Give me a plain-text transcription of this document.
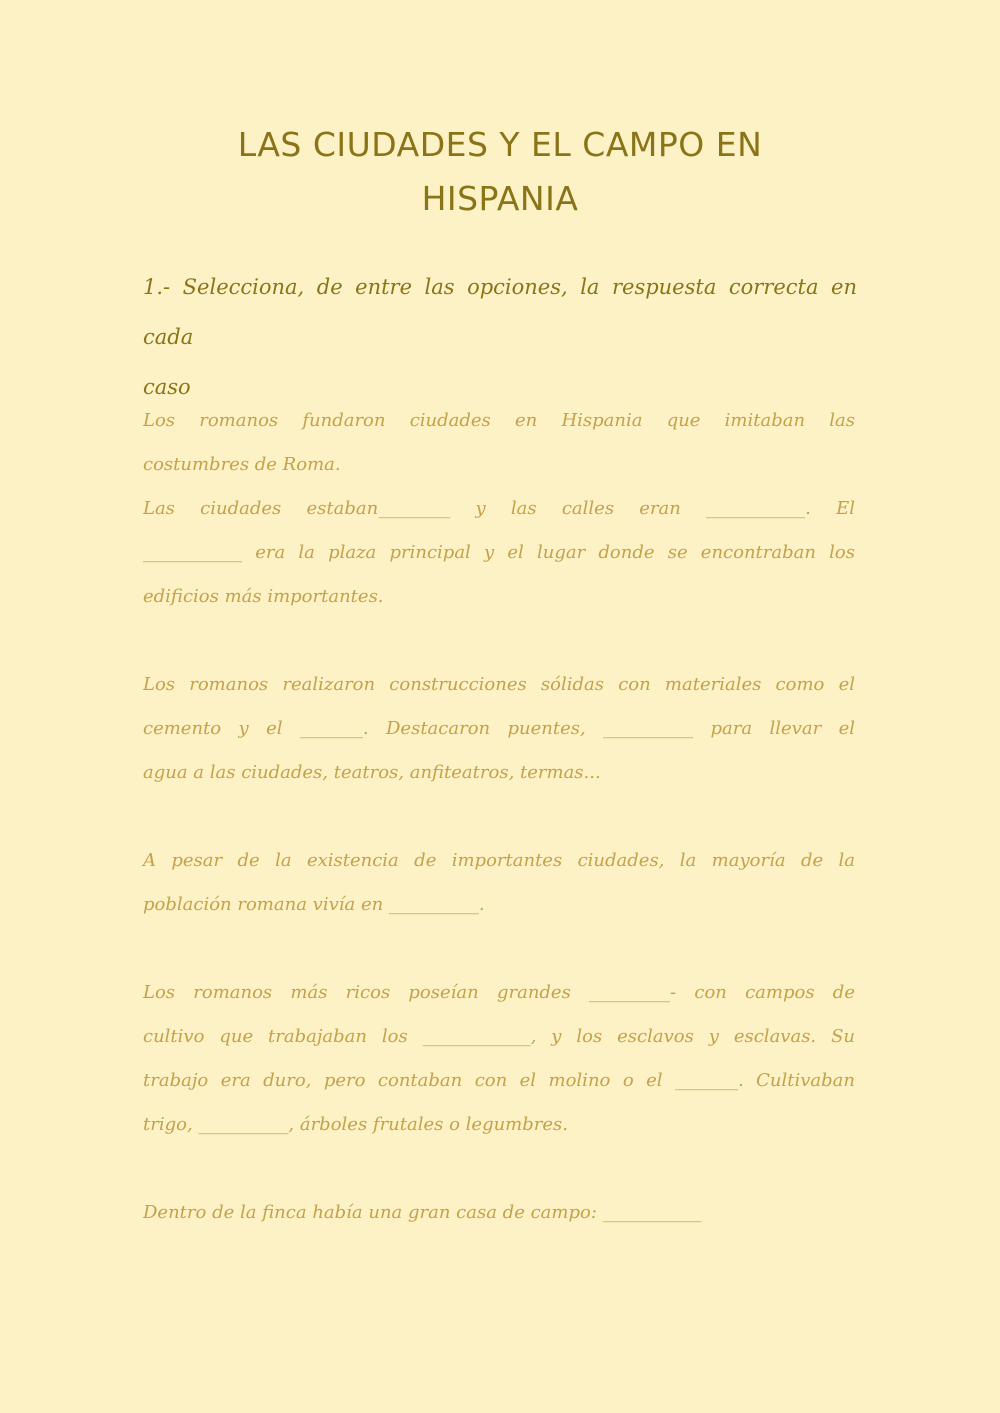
LAS CIUDADES Y EL CAMPO EN
HISPANIA
1.- Selecciona, de entre las opciones, la respuesta correcta en cada
caso
Los romanos fundaron ciudades en Hispania que imitaban las
costumbres de Roma.
Las ciudades estaban________ y las calles eran ___________. El
___________ era la plaza principal y el lugar donde se encontraban los
edificios más importantes.
Los romanos realizaron construcciones sólidas con materiales como el
cemento y el _______. Destacaron puentes, __________ para llevar el
agua a las ciudades, teatros, anfiteatros, termas...
A pesar de la existencia de importantes ciudades, la mayoría de la
población romana vivía en __________.
Los romanos más ricos poseían grandes _________- con campos de
cultivo que trabajaban los ____________, y los esclavos y esclavas. Su
trabajo era duro, pero contaban con el molino o el _______. Cultivaban
trigo, __________, árboles frutales o legumbres.
Dentro de la finca había una gran casa de campo: ___________
